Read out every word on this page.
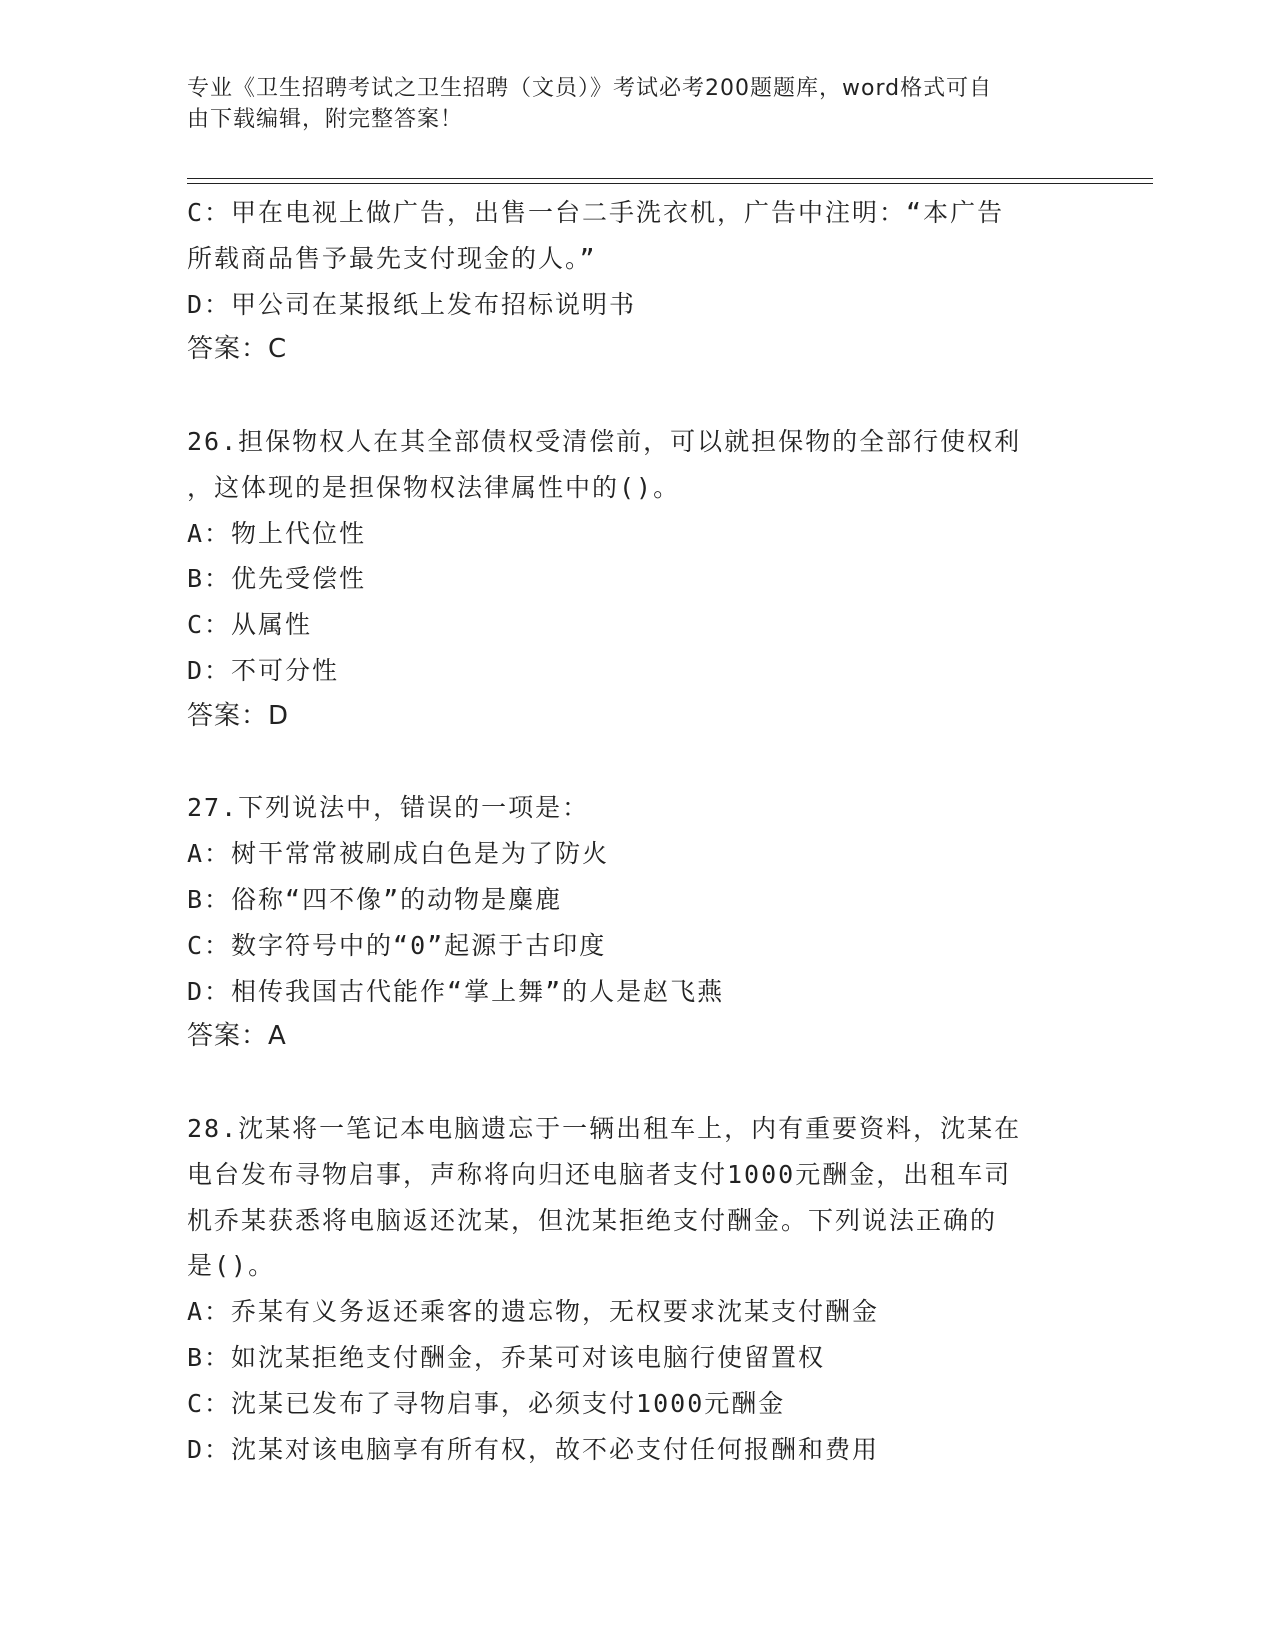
专业《卫生招聘考试之卫生招聘（文员）》考试必考200题题库，word格式可自
由下载编辑，附完整答案！
C：甲在电视上做广告，出售一台二手洗衣机，广告中注明：“本广告
所载商品售予最先支付现金的人。”
D：甲公司在某报纸上发布招标说明书
答案：C
26.担保物权人在其全部债权受清偿前，可以就担保物的全部行使权利
，这体现的是担保物权法律属性中的()。
A：物上代位性
B：优先受偿性
C：从属性
D：不可分性
答案：D
27.下列说法中，错误的一项是：
A：树干常常被刷成白色是为了防火
B：俗称“四不像”的动物是麋鹿
C：数字符号中的“0”起源于古印度
D：相传我国古代能作“掌上舞”的人是赵飞燕
答案：A
28.沈某将一笔记本电脑遗忘于一辆出租车上，内有重要资料，沈某在
电台发布寻物启事，声称将向归还电脑者支付1000元酬金，出租车司
机乔某获悉将电脑返还沈某，但沈某拒绝支付酬金。下列说法正确的
是()。
A：乔某有义务返还乘客的遗忘物，无权要求沈某支付酬金
B：如沈某拒绝支付酬金，乔某可对该电脑行使留置权
C：沈某已发布了寻物启事，必须支付1000元酬金
D：沈某对该电脑享有所有权，故不必支付任何报酬和费用
